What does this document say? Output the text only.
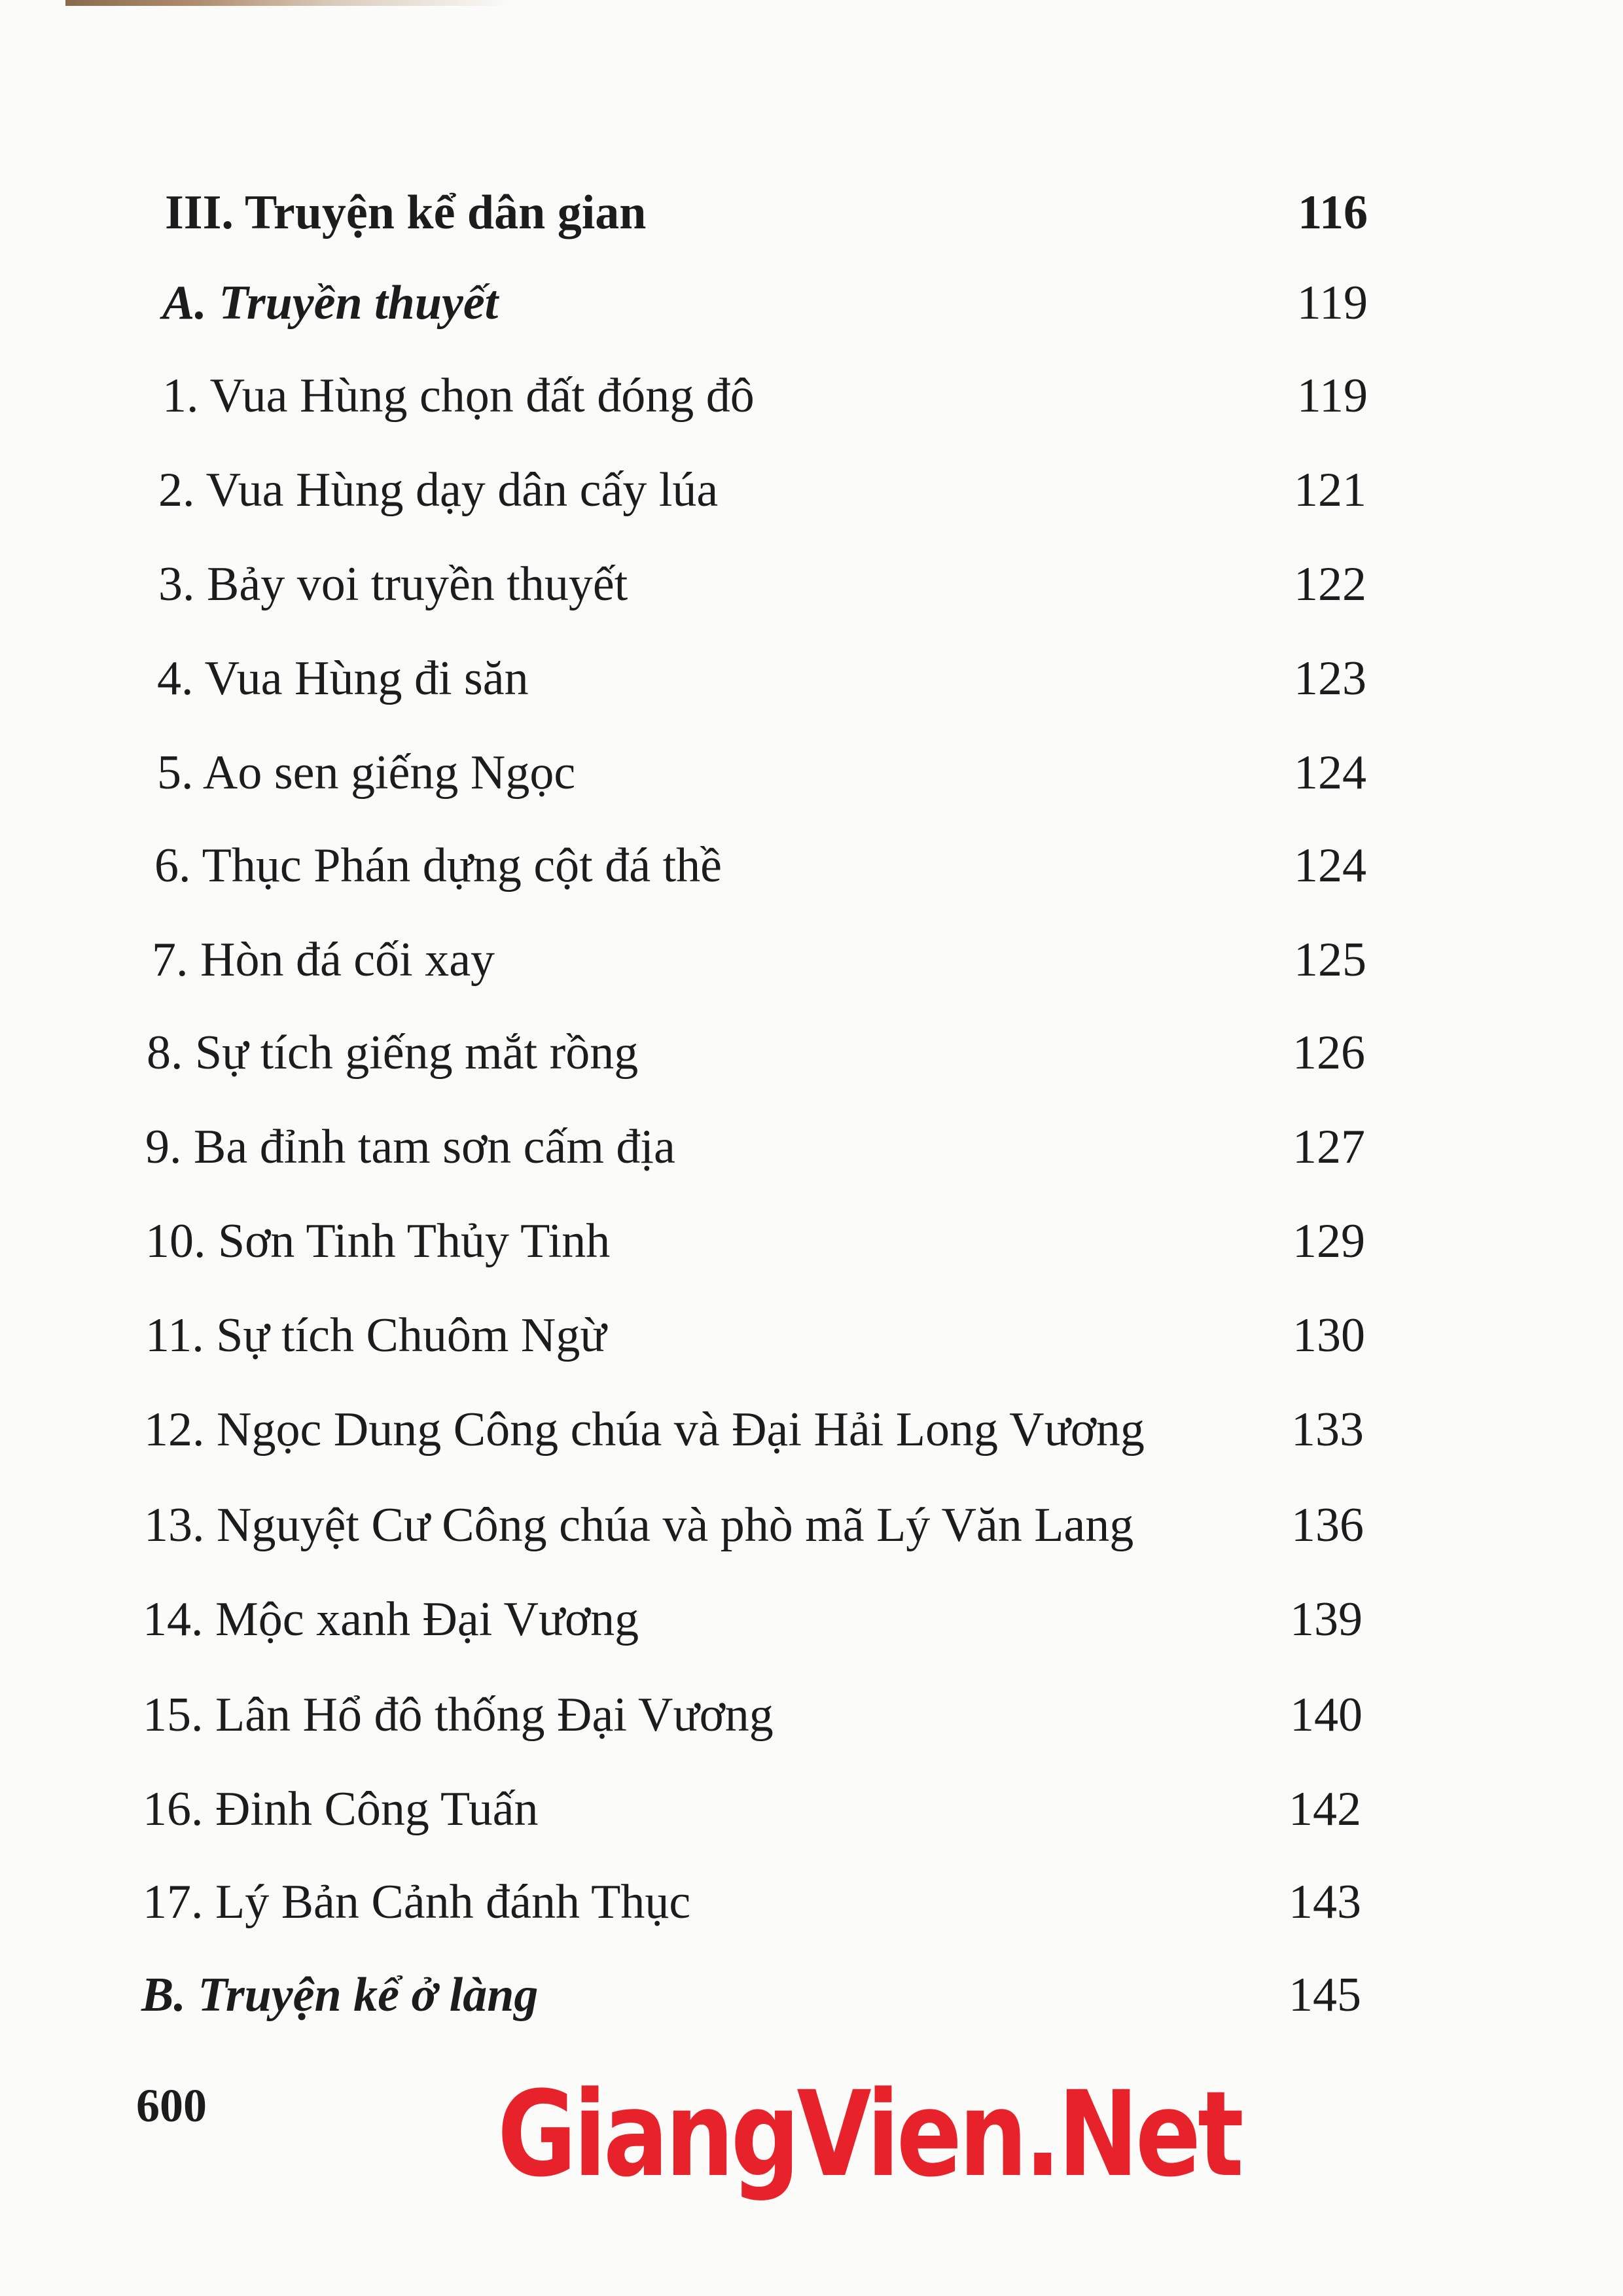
III. Truyện kể dân gian	116
A. Truyền thuyết	119
1. Vua Hùng chọn đất đóng đô	119
2. Vua Hùng dạy dân cấy lúa	121
3. Bảy voi truyền thuyết	122
4. Vua Hùng đi săn	123
5. Ao sen giếng Ngọc	124
6. Thục Phán dựng cột đá thề	124
7. Hòn đá cối xay	125
8. Sự tích giếng mắt rồng	126
9. Ba đỉnh tam sơn cấm địa	127
10. Sơn Tinh Thủy Tinh	129
11. Sự tích Chuôm Ngừ	130
12. Ngọc Dung Công chúa và Đại Hải Long Vương	133
13. Nguyệt Cư Công chúa và phò mã Lý Văn Lang	136
14. Mộc xanh Đại Vương	139
15. Lân Hổ đô thống Đại Vương	140
16. Đinh Công Tuấn	142
17. Lý Bản Cảnh đánh Thục	143
B. Truyện kể ở làng	145
600 GiangVien.Net
